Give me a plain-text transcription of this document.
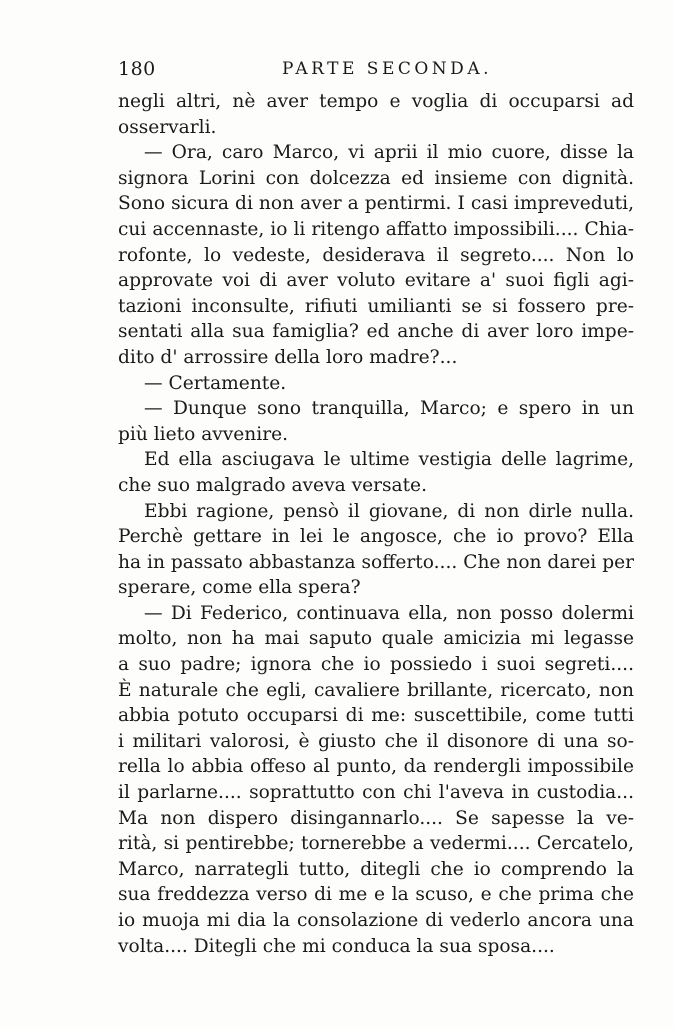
180	PARTE SECONDA.
negli altri, nè aver tempo e voglia di occuparsi ad
osservarli.
— Ora, caro Marco, vi aprii il mio cuore, disse la
signora Lorini con dolcezza ed insieme con dignità.
Sono sicura di non aver a pentirmi. I casi impreveduti,
cui accennaste, io li ritengo affatto impossibili.... Chia-
rofonte, lo vedeste, desiderava il segreto.... Non lo
approvate voi di aver voluto evitare a' suoi figli agi-
tazioni inconsulte, rifiuti umilianti se si fossero pre-
sentati alla sua famiglia? ed anche di aver loro impe-
dito d' arrossire della loro madre?...
— Certamente.
— Dunque sono tranquilla, Marco; e spero in un
più lieto avvenire.
Ed ella asciugava le ultime vestigia delle lagrime,
che suo malgrado aveva versate.
Ebbi ragione, pensò il giovane, di non dirle nulla.
Perchè gettare in lei le angosce, che io provo? Ella
ha in passato abbastanza sofferto.... Che non darei per
sperare, come ella spera?
— Di Federico, continuava ella, non posso dolermi
molto, non ha mai saputo quale amicizia mi legasse
a suo padre; ignora che io possiedo i suoi segreti....
È naturale che egli, cavaliere brillante, ricercato, non
abbia potuto occuparsi di me: suscettibile, come tutti
i militari valorosi, è giusto che il disonore di una so-
rella lo abbia offeso al punto, da rendergli impossibile
il parlarne.... soprattutto con chi l'aveva in custodia...
Ma non dispero disingannarlo.... Se sapesse la ve-
rità, si pentirebbe; tornerebbe a vedermi.... Cercatelo,
Marco, narrategli tutto, ditegli che io comprendo la
sua freddezza verso di me e la scuso, e che prima che
io muoja mi dia la consolazione di vederlo ancora una
volta.... Ditegli che mi conduca la sua sposa....
